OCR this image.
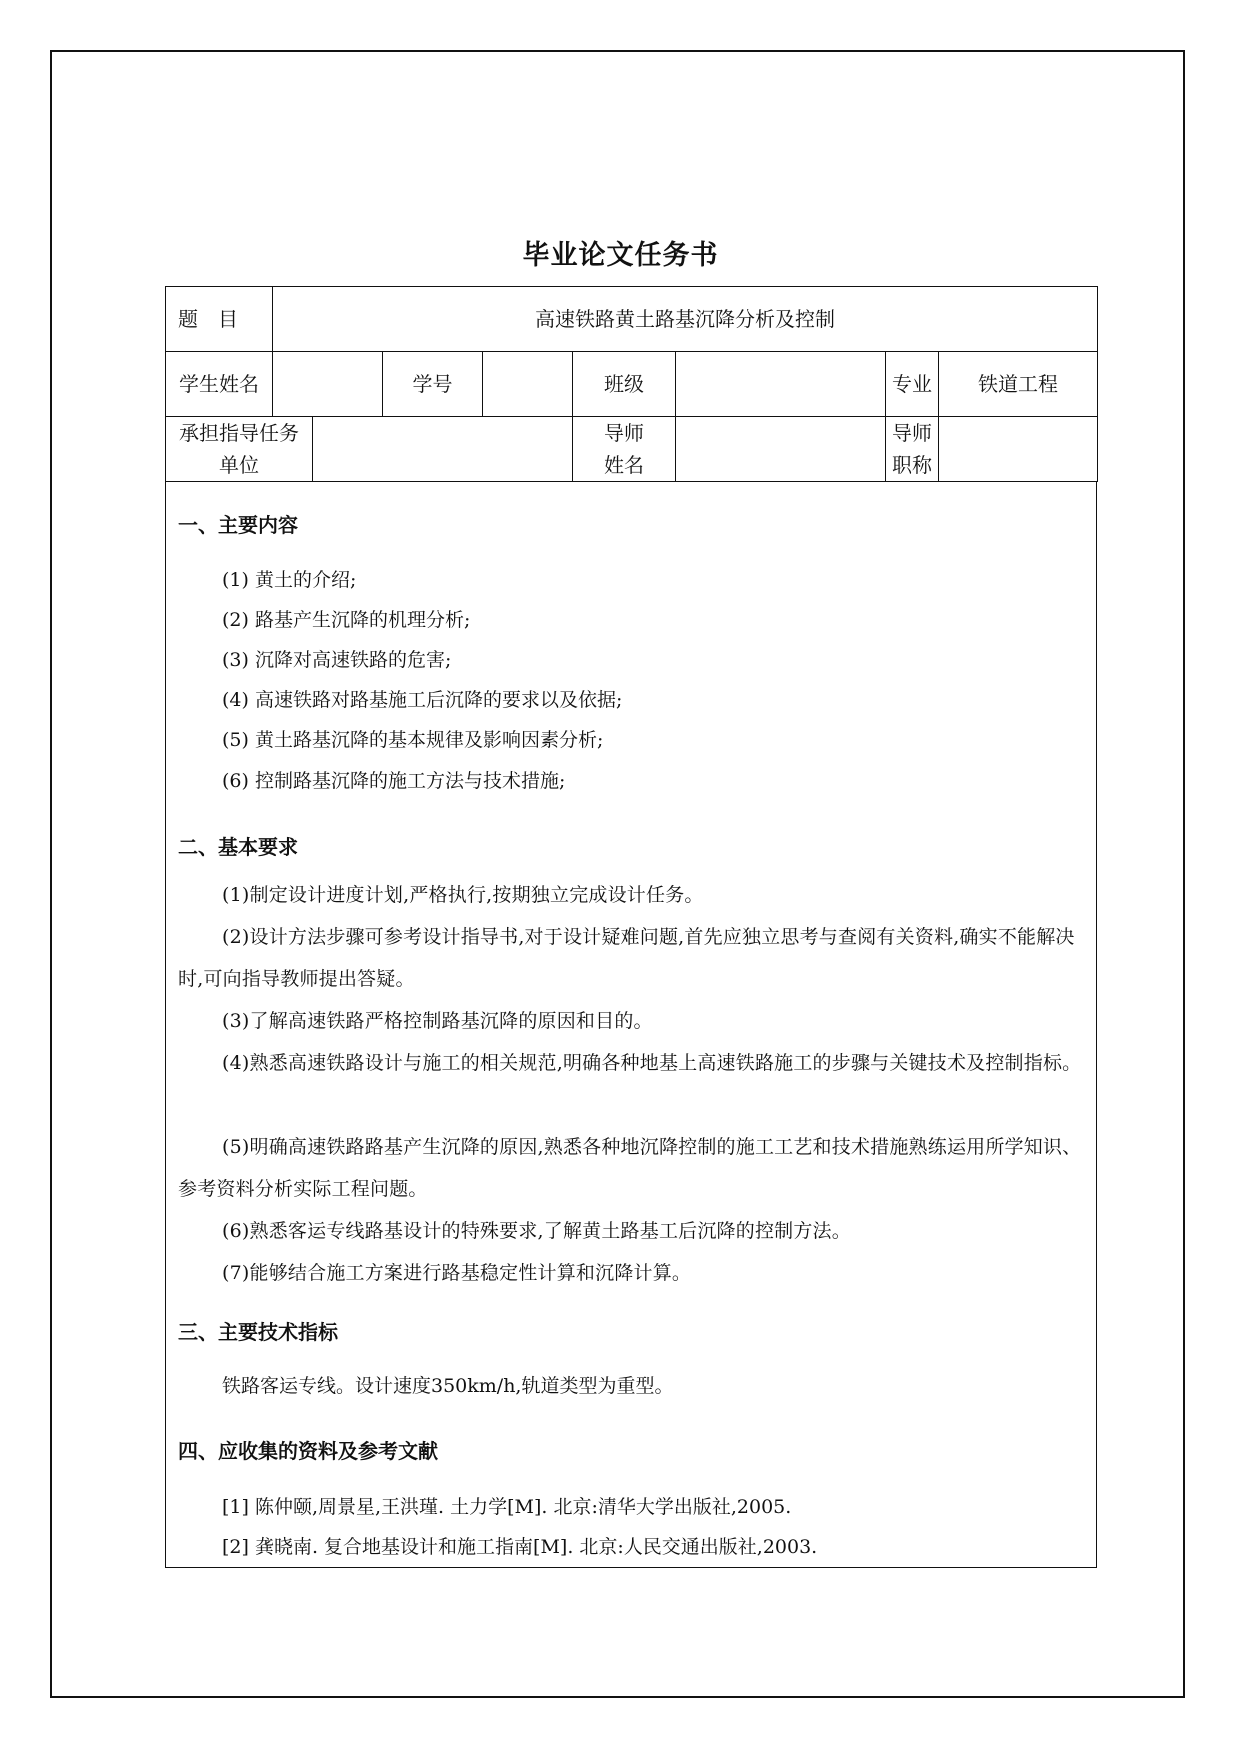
毕业论文任务书
题　目	高速铁路黄土路基沉降分析及控制							
学生姓名			学号		班级		专业	铁道工程
承担指导任务单位					导师姓名		导师职称	
一、主要内容
(1) 黄土的介绍;
(2) 路基产生沉降的机理分析;
(3) 沉降对高速铁路的危害;
(4) 高速铁路对路基施工后沉降的要求以及依据;
(5) 黄土路基沉降的基本规律及影响因素分析;
(6) 控制路基沉降的施工方法与技术措施;
二、基本要求
(1)制定设计进度计划,严格执行,按期独立完成设计任务。
(2)设计方法步骤可参考设计指导书,对于设计疑难问题,首先应独立思考与查阅有关资料,确实不能解决时,可向指导教师提出答疑。
(3)了解高速铁路严格控制路基沉降的原因和目的。
(4)熟悉高速铁路设计与施工的相关规范,明确各种地基上高速铁路施工的步骤与关键技术及控制指标。
(5)明确高速铁路路基产生沉降的原因,熟悉各种地沉降控制的施工工艺和技术措施熟练运用所学知识、参考资料分析实际工程问题。
(6)熟悉客运专线路基设计的特殊要求,了解黄土路基工后沉降的控制方法。
(7)能够结合施工方案进行路基稳定性计算和沉降计算。
三、主要技术指标
铁路客运专线。设计速度350km/h,轨道类型为重型。
四、应收集的资料及参考文献
[1] 陈仲颐,周景星,王洪瑾. 土力学[M]. 北京:清华大学出版社,2005.
[2] 龚晓南. 复合地基设计和施工指南[M]. 北京:人民交通出版社,2003.
